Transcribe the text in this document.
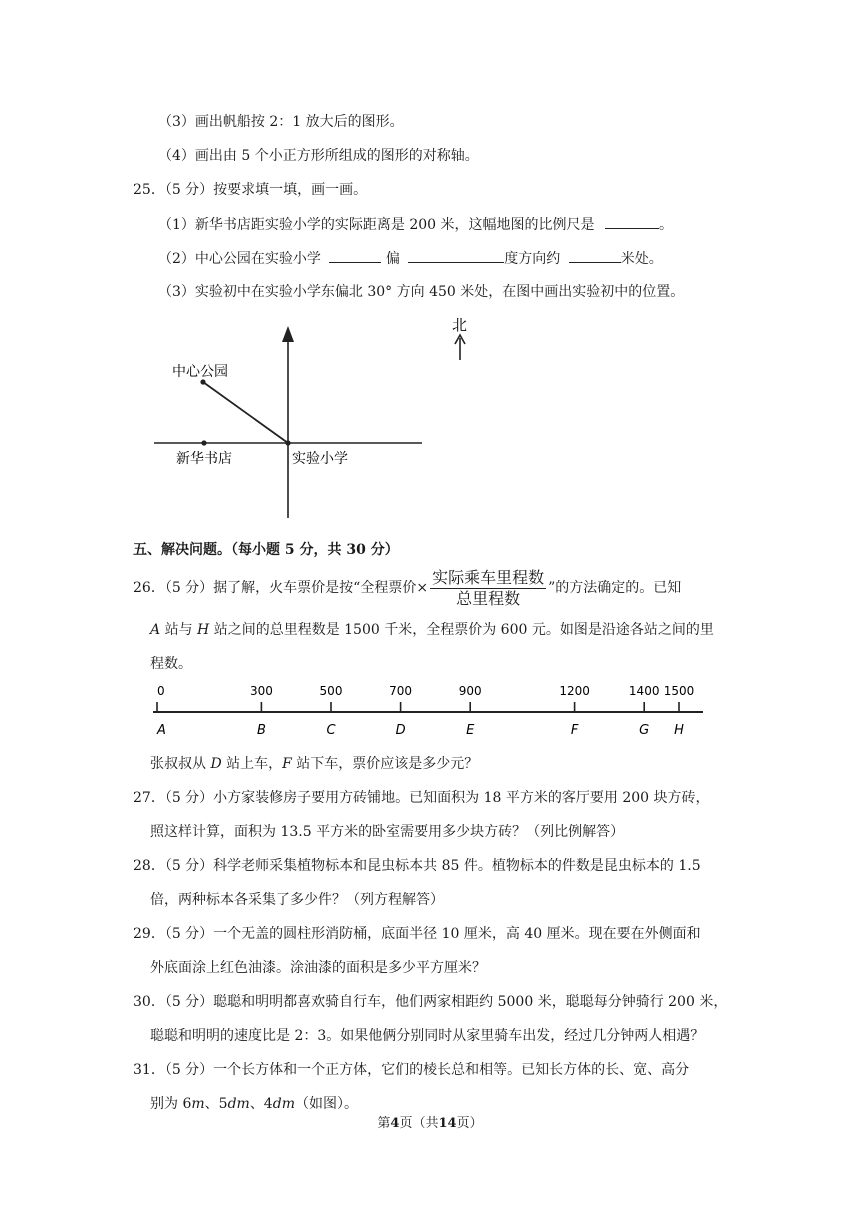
（3）画出帆船按 2：1 放大后的图形。
（4）画出由 5 个小正方形所组成的图形的对称轴。
25．（5 分）按要求填一填，画一画。
（1）新华书店距实验小学的实际距离是 200 米，这幅地图的比例尺是	。
（2）中心公园在实验小学	偏	度方向约	米处。
（3）实验初中在实验小学东偏北 30° 方向 450 米处，在图中画出实验初中的位置。
北
中心公园
新华书店	实验小学
五、解决问题。（每小题 5 分，共 30 分）
26．（5 分）据了解，火车票价是按“全程票价× $\frac{\text{实际乘车里程数}}{\text{总里程数}}$ ”的方法确定的。已知
A 站与 H 站之间的总里程数是 1500 千米，全程票价为 600 元。如图是沿途各站之间的里
程数。
0
A
300
B
500
C
700
D
900
E
1200
F
1400
G
1500
H
张叔叔从 D 站上车，F 站下车，票价应该是多少元？
27．（5 分）小方家装修房子要用方砖铺地。已知面积为 18 平方米的客厅要用 200 块方砖，
照这样计算，面积为 13.5 平方米的卧室需要用多少块方砖？（列比例解答）
28．（5 分）科学老师采集植物标本和昆虫标本共 85 件。植物标本的件数是昆虫标本的 1.5
倍，两种标本各采集了多少件？（列方程解答）
29．（5 分）一个无盖的圆柱形消防桶，底面半径 10 厘米，高 40 厘米。现在要在外侧面和
外底面涂上红色油漆。涂油漆的面积是多少平方厘米？
30．（5 分）聪聪和明明都喜欢骑自行车，他们两家相距约 5000 米，聪聪每分钟骑行 200 米，
聪聪和明明的速度比是 2：3。如果他俩分别同时从家里骑车出发，经过几分钟两人相遇？
31．（5 分）一个长方体和一个正方体，它们的棱长总和相等。已知长方体的长、宽、高分
别为 6m、5dm、4dm（如图）。
第4页（共14页）
